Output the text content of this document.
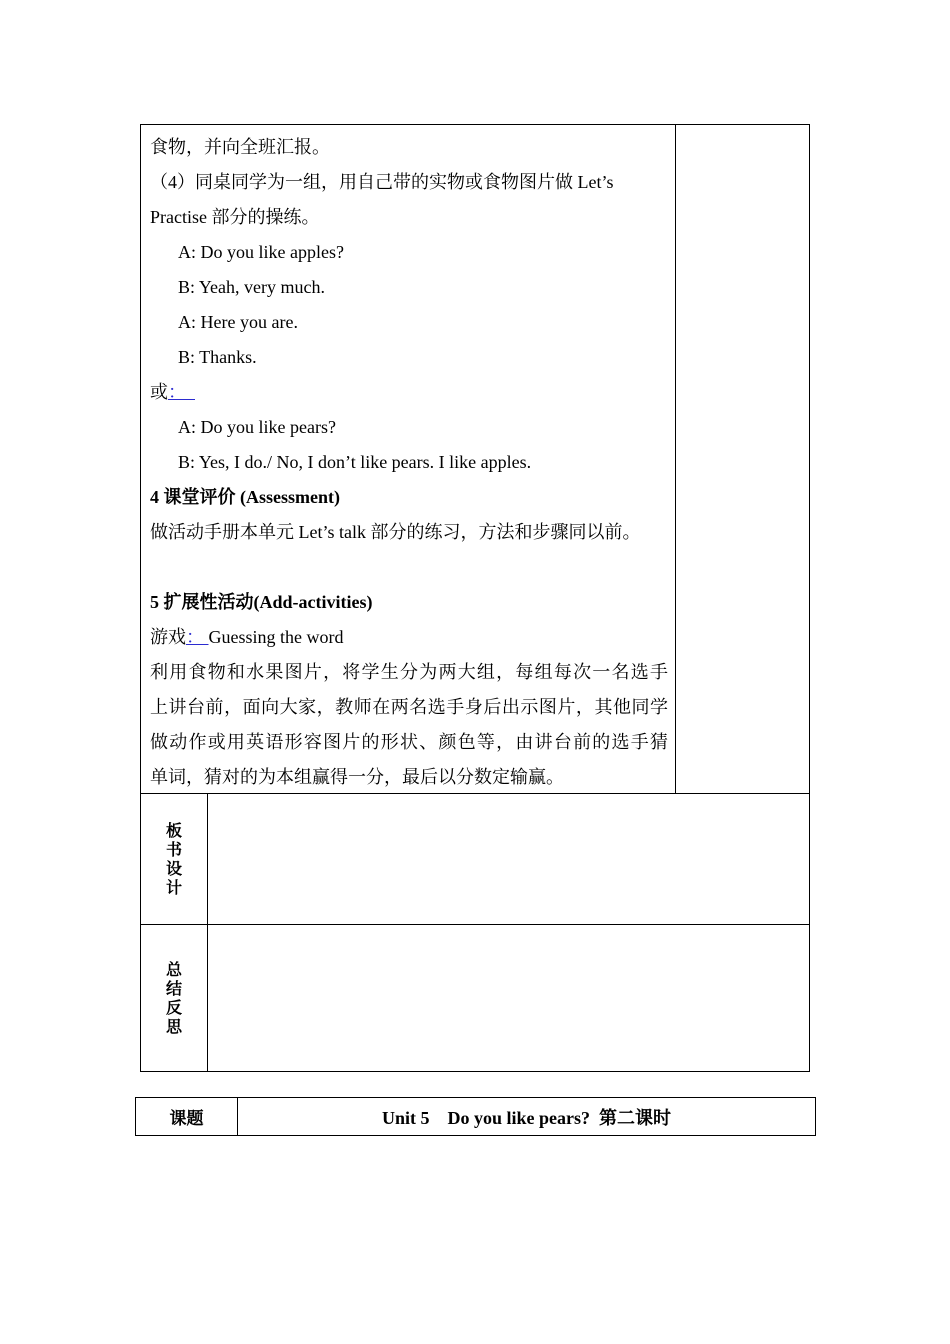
食物，并向全班汇报。
（4）同桌同学为一组，用自己带的实物或食物图片做 Let’s
Practise 部分的操练。
A: Do you like apples?
B: Yeah, very much.
A: Here you are.
B: Thanks.
或：
A: Do you like pears?
B: Yes, I do./ No, I don’t like pears. I like apples.
4 课堂评价 (Assessment)
做活动手册本单元 Let’s talk 部分的练习，方法和步骤同以前。
5 扩展性活动(Add-activities)
游戏： Guessing the word
利用食物和水果图片，将学生分为两大组，每组每次一名选手
上讲台前，面向大家，教师在两名选手身后出示图片，其他同学
做动作或用英语形容图片的形状、颜色等，由讲台前的选手猜
单词，猜对的为本组赢得一分，最后以分数定输赢。
板书设计
总结反思
课题	Unit 5　Do you like pears?  第二课时
